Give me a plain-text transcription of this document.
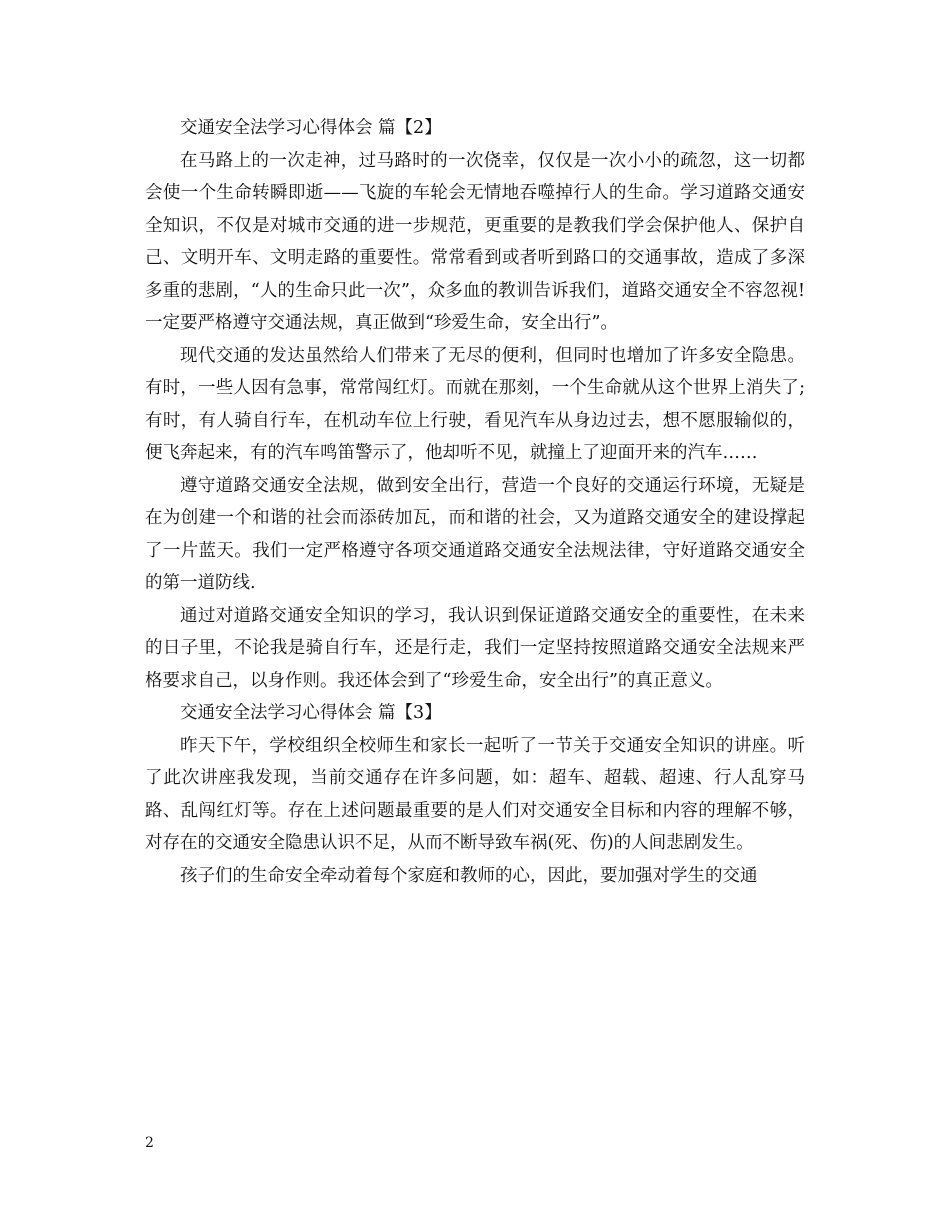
交通安全法学习心得体会 篇【2】

在马路上的一次走神，过马路时的一次侥幸，仅仅是一次小小的疏忽，这一切都会使一个生命转瞬即逝——飞旋的车轮会无情地吞噬掉行人的生命。学习道路交通安全知识，不仅是对城市交通的进一步规范，更重要的是教我们学会保护他人、保护自己、文明开车、文明走路的重要性。常常看到或者听到路口的交通事故，造成了多深多重的悲剧，“人的生命只此一次”，众多血的教训告诉我们，道路交通安全不容忽视!一定要严格遵守交通法规，真正做到“珍爱生命，安全出行”。

现代交通的发达虽然给人们带来了无尽的便利，但同时也增加了许多安全隐患。有时，一些人因有急事，常常闯红灯。而就在那刻，一个生命就从这个世界上消失了;有时，有人骑自行车，在机动车位上行驶，看见汽车从身边过去，想不愿服输似的，便飞奔起来，有的汽车鸣笛警示了，他却听不见，就撞上了迎面开来的汽车……

遵守道路交通安全法规，做到安全出行，营造一个良好的交通运行环境，无疑是在为创建一个和谐的社会而添砖加瓦，而和谐的社会，又为道路交通安全的建设撑起了一片蓝天。我们一定严格遵守各项交通道路交通安全法规法律，守好道路交通安全的第一道防线.

通过对道路交通安全知识的学习，我认识到保证道路交通安全的重要性，在未来的日子里，不论我是骑自行车，还是行走，我们一定坚持按照道路交通安全法规来严格要求自己，以身作则。我还体会到了“珍爱生命，安全出行”的真正意义。

交通安全法学习心得体会 篇【3】

昨天下午，学校组织全校师生和家长一起听了一节关于交通安全知识的讲座。听了此次讲座我发现，当前交通存在许多问题，如：超车、超载、超速、行人乱穿马路、乱闯红灯等。存在上述问题最重要的是人们对交通安全目标和内容的理解不够，对存在的交通安全隐患认识不足，从而不断导致车祸(死、伤)的人间悲剧发生。

孩子们的生命安全牵动着每个家庭和教师的心，因此，要加强对学生的交通

2
